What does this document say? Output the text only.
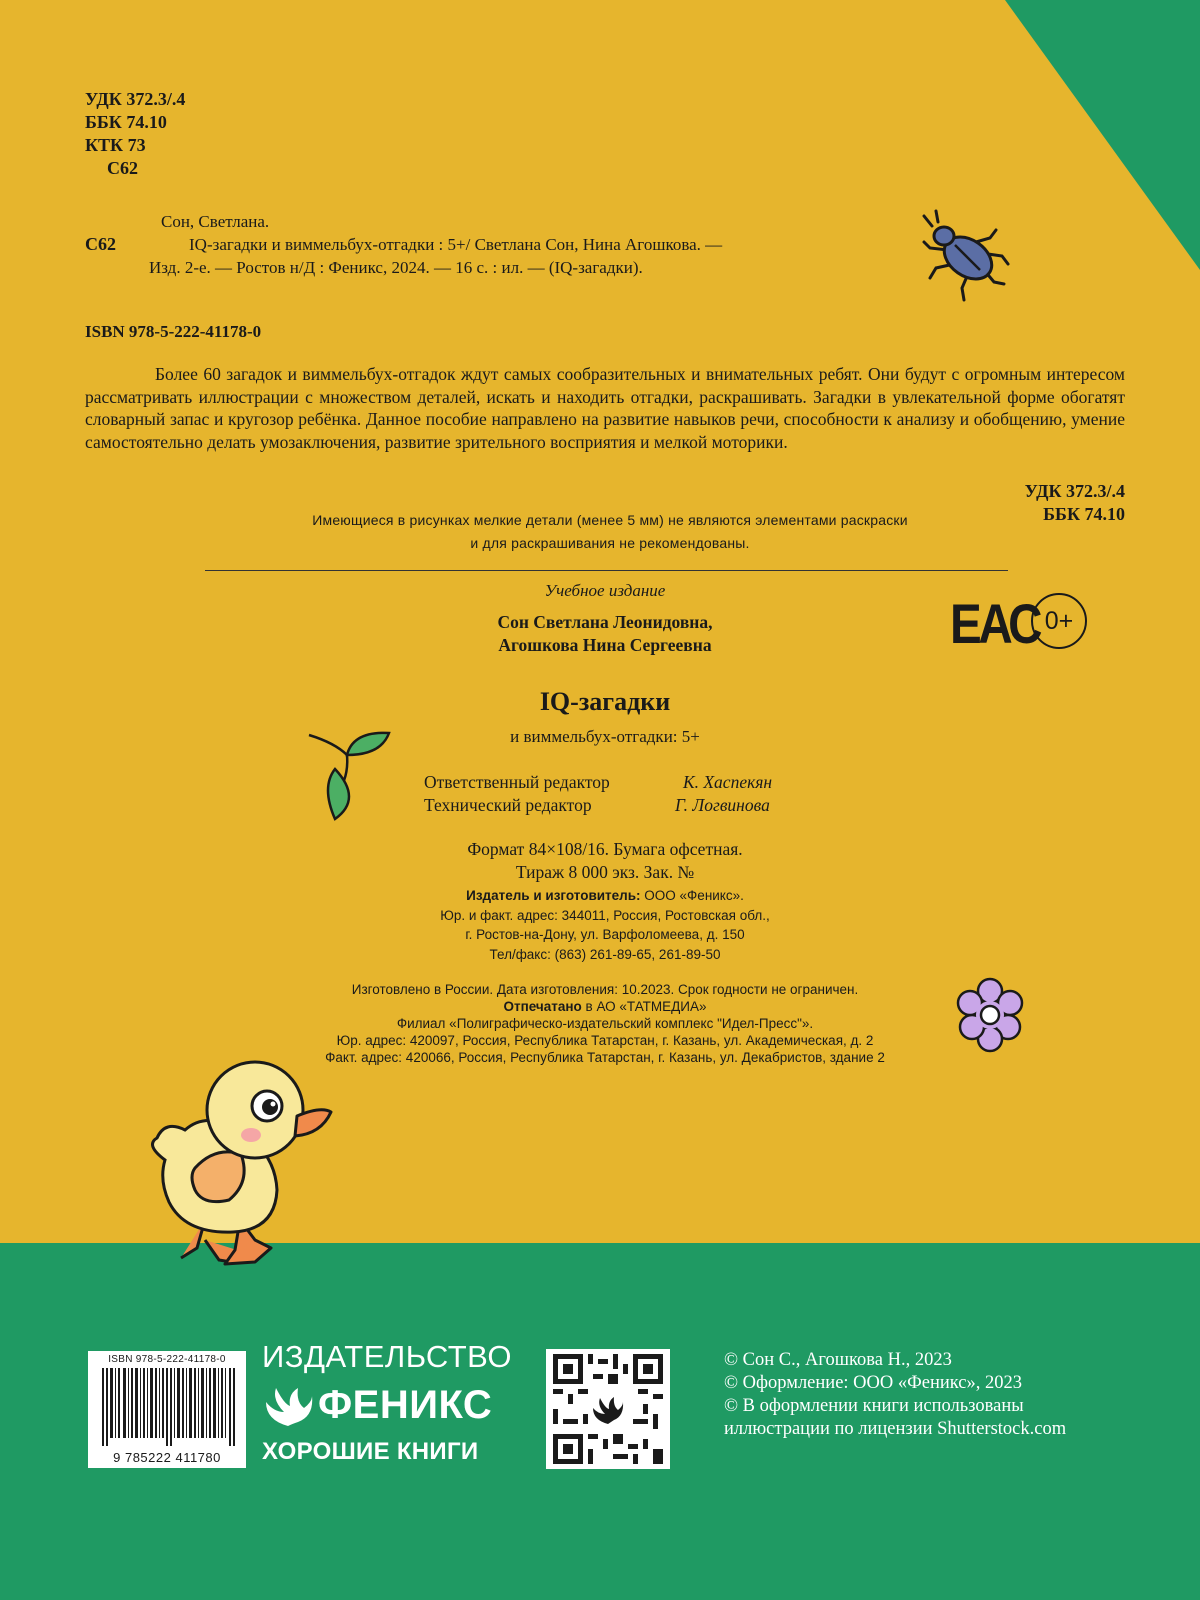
УДК 372.3/.4
ББК 74.10
КТК 73
С62
Сон, Светлана.
С62	IQ-загадки и виммельбух-отгадки : 5+/ Светлана Сон, Нина Агошкова. —
Изд. 2-е. — Ростов н/Д : Феникс, 2024. — 16 с. : ил. — (IQ-загадки).
ISBN 978-5-222-41178-0

Более 60 загадок и виммельбух-отгадок ждут самых сообразительных и внимательных ребят. Они будут с огромным интересом рассматривать иллюстрации с множеством деталей, искать и находить отгадки, раскрашивать. Загадки в увлекательной форме обогатят словарный запас и кругозор ребёнка. Данное пособие направлено на развитие навыков речи, способности к анализу и обобщению, умение самостоятельно делать умозаключения, развитие зрительного восприятия и мелкой моторики.

УДК 372.3/.4
ББК 74.10
Имеющиеся в рисунках мелкие детали (менее 5 мм) не являются элементами раскраски
и для раскрашивания не рекомендованы.
Учебное издание
Сон Светлана Леонидовна,
Агошкова Нина Сергеевна	ЕАС 0+
IQ-загадки
и виммельбух-отгадки: 5+
Ответственный редактор	К. Хаспекян
Технический редактор	Г. Логвинова
Формат 84×108/16. Бумага офсетная.
Тираж 8 000 экз. Зак. №
Издатель и изготовитель: ООО «Феникс».
Юр. и факт. адрес: 344011, Россия, Ростовская обл.,
г. Ростов-на-Дону, ул. Варфоломеева, д. 150
Тел/факс: (863) 261-89-65, 261-89-50
Изготовлено в России. Дата изготовления: 10.2023. Срок годности не ограничен.
Отпечатано в АО «ТАТМЕДИА»
Филиал «Полиграфическо-издательский комплекс "Идел-Пресс"».
Юр. адрес: 420097, Россия, Республика Татарстан, г. Казань, ул. Академическая, д. 2
Факт. адрес: 420066, Россия, Республика Татарстан, г. Казань, ул. Декабристов, здание 2
ISBN 978-5-222-41178-0
9 785222 411780
ИЗДАТЕЛЬСТВО
ФЕНИКС
ХОРОШИЕ КНИГИ
© Сон С., Агошкова Н., 2023
© Оформление: ООО «Феникс», 2023
© В оформлении книги использованы
иллюстрации по лицензии Shutterstock.com
